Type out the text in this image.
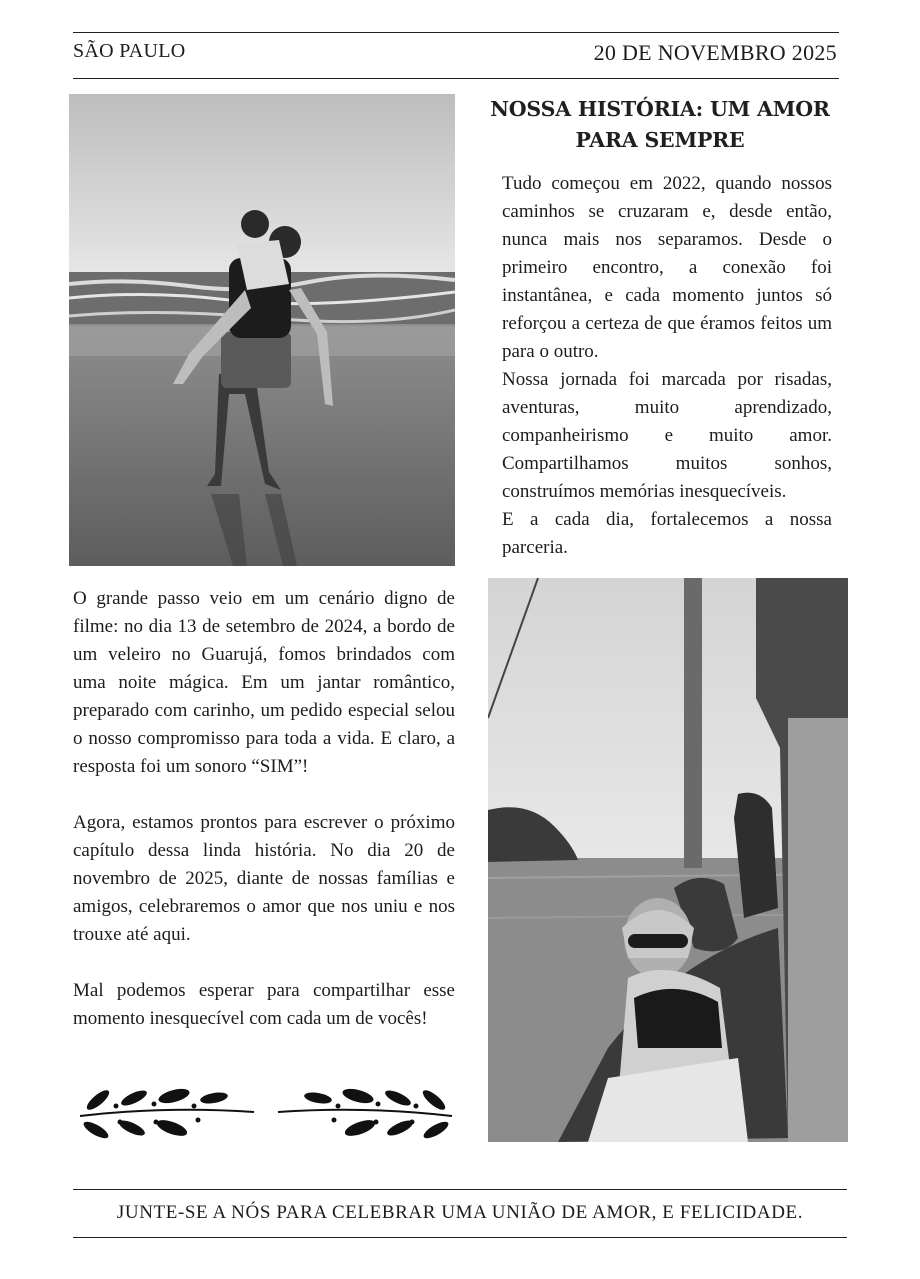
SÃO PAULO	20 DE NOVEMBRO 2025
NOSSA HISTÓRIA: UM AMOR
PARA SEMPRE

Tudo começou em 2022, quando nossos caminhos se cruzaram e, desde então, nunca mais nos separamos. Desde o primeiro encontro, a conexão foi instantânea, e cada momento juntos só reforçou a certeza de que éramos feitos um para o outro.

Nossa jornada foi marcada por risadas, aventuras, muito aprendizado, companheirismo e muito amor. Compartilhamos muitos sonhos, construímos memórias inesquecíveis.

E a cada dia, fortalecemos a nossa parceria.

O grande passo veio em um cenário digno de filme: no dia 13 de setembro de 2024, a bordo de um veleiro no Guarujá, fomos brindados com uma noite mágica. Em um jantar romântico, preparado com carinho, um pedido especial selou o nosso compromisso para toda a vida. E claro, a resposta foi um sonoro “SIM”!

Agora, estamos prontos para escrever o próximo capítulo dessa linda história. No dia 20 de novembro de 2025, diante de nossas famílias e amigos, celebraremos o amor que nos uniu e nos trouxe até aqui.

Mal podemos esperar para compartilhar esse momento inesquecível com cada um de vocês!

JUNTE-SE A NÓS PARA CELEBRAR UMA UNIÃO DE AMOR, E FELICIDADE.
